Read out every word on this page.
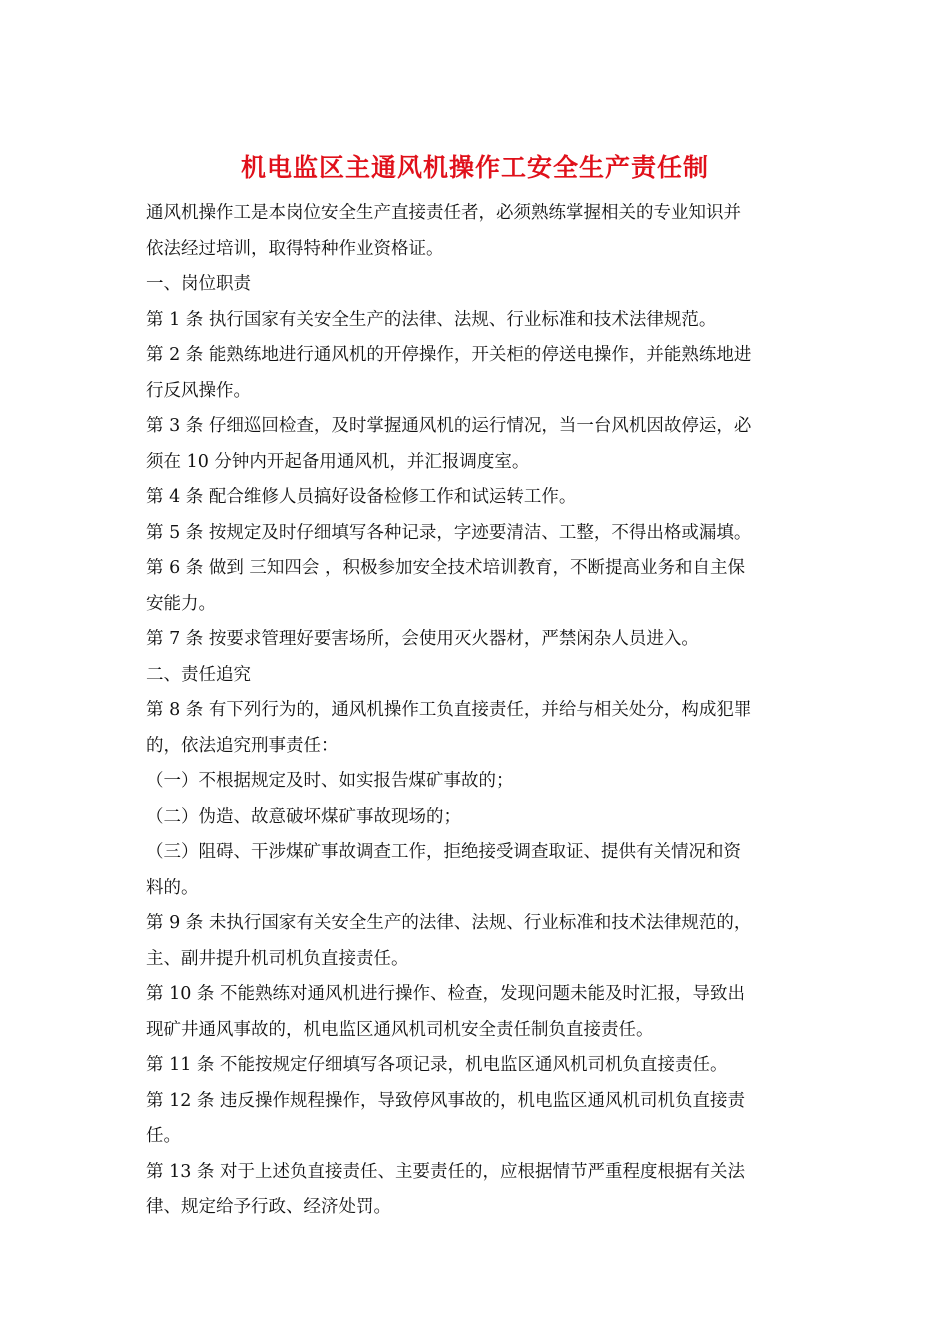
机电监区主通风机操作工安全生产责任制
通风机操作工是本岗位安全生产直接责任者，必须熟练掌握相关的专业知识并
依法经过培训，取得特种作业资格证。
一、岗位职责
第 1 条 执行国家有关安全生产的法律、法规、行业标准和技术法律规范。
第 2 条 能熟练地进行通风机的开停操作，开关柜的停送电操作，并能熟练地进
行反风操作。
第 3 条 仔细巡回检查，及时掌握通风机的运行情况，当一台风机因故停运，必
须在 10 分钟内开起备用通风机，并汇报调度室。
第 4 条 配合维修人员搞好设备检修工作和试运转工作。
第 5 条 按规定及时仔细填写各种记录，字迹要清洁、工整，不得出格或漏填。
第 6 条 做到 三知四会 ，积极参加安全技术培训教育，不断提高业务和自主保
安能力。
第 7 条 按要求管理好要害场所，会使用灭火器材，严禁闲杂人员进入。
二、责任追究
第 8 条 有下列行为的，通风机操作工负直接责任，并给与相关处分，构成犯罪
的，依法追究刑事责任：
（一）不根据规定及时、如实报告煤矿事故的；
（二）伪造、故意破坏煤矿事故现场的；
（三）阻碍、干涉煤矿事故调查工作，拒绝接受调查取证、提供有关情况和资
料的。
第 9 条 未执行国家有关安全生产的法律、法规、行业标准和技术法律规范的，
主、副井提升机司机负直接责任。
第 10 条 不能熟练对通风机进行操作、检查，发现问题未能及时汇报，导致出
现矿井通风事故的，机电监区通风机司机安全责任制负直接责任。
第 11 条 不能按规定仔细填写各项记录，机电监区通风机司机负直接责任。
第 12 条 违反操作规程操作，导致停风事故的，机电监区通风机司机负直接责
任。
第 13 条 对于上述负直接责任、主要责任的，应根据情节严重程度根据有关法
律、规定给予行政、经济处罚。
